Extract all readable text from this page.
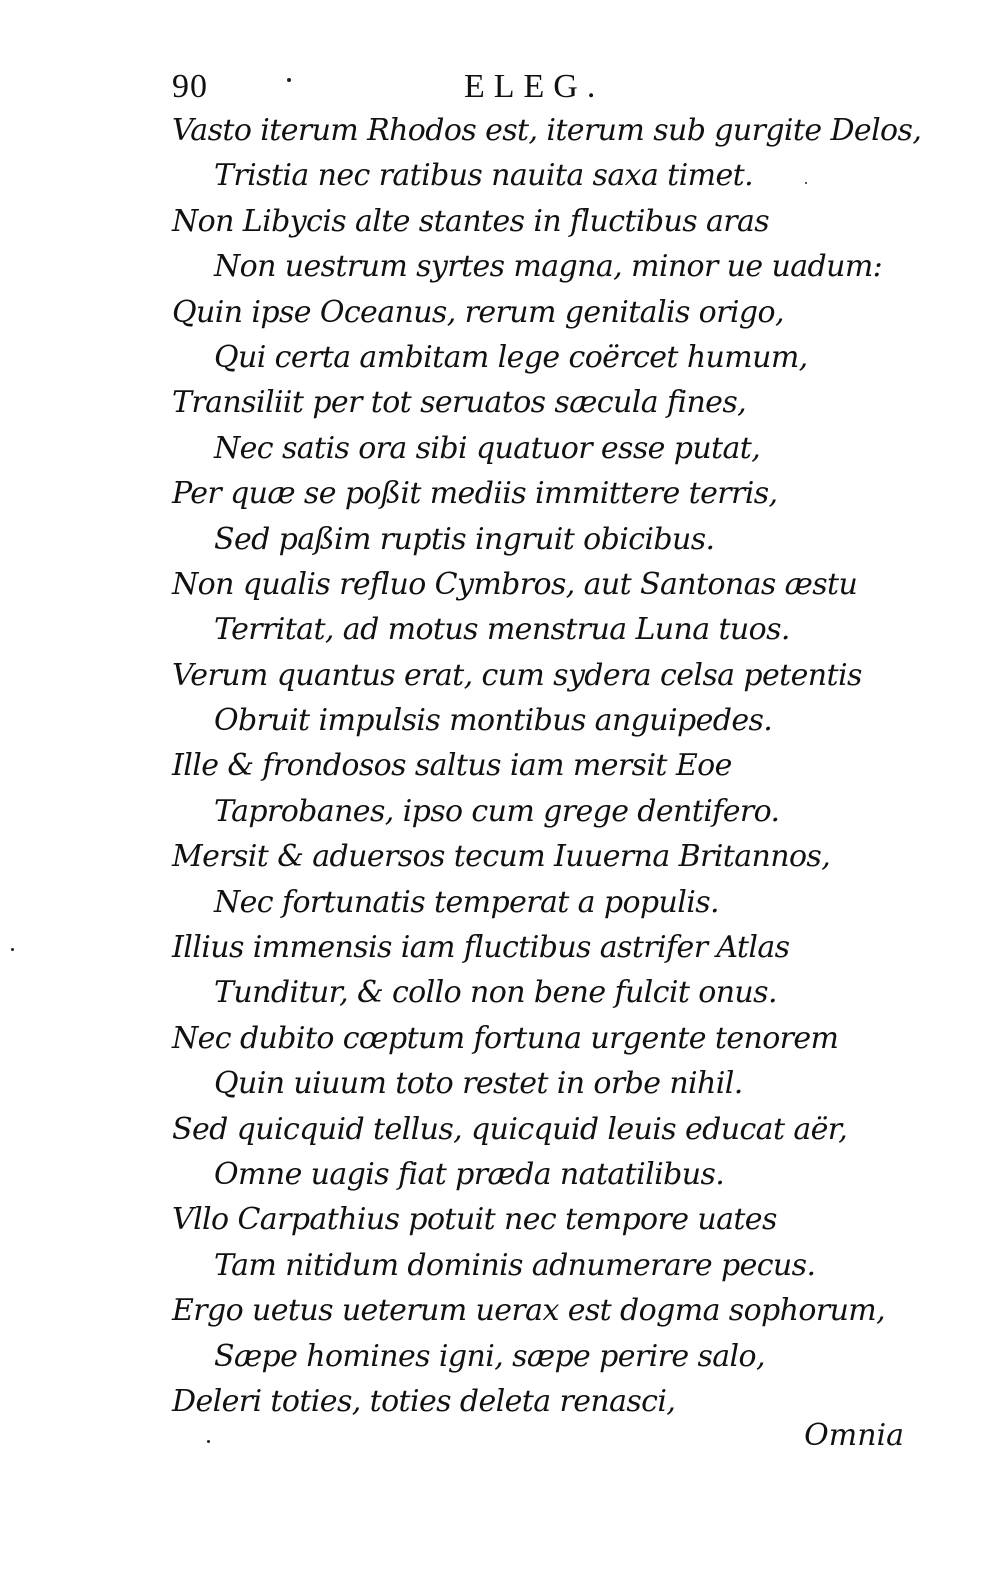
90	ELEG.
Vasto iterum Rhodos est, iterum sub gurgite Delos,
Tristia nec ratibus nauita saxa timet.
Non Libycis alte stantes in fluctibus aras
Non uestrum syrtes magna, minor ue uadum:
Quin ipse Oceanus, rerum genitalis origo,
Qui certa ambitam lege coërcet humum,
Transiliit per tot seruatos sæcula fines,
Nec satis ora sibi quatuor esse putat,
Per quæ se poßit mediis immittere terris,
Sed paßim ruptis ingruit obicibus.
Non qualis refluo Cymbros, aut Santonas æstu
Territat, ad motus menstrua Luna tuos.
Verum quantus erat, cum sydera celsa petentis
Obruit impulsis montibus anguipedes.
Ille & frondosos saltus iam mersit Eoe
Taprobanes, ipso cum grege dentifero.
Mersit & aduersos tecum Iuuerna Britannos,
Nec fortunatis temperat a populis.
Illius immensis iam fluctibus astrifer Atlas
Tunditur, & collo non bene fulcit onus.
Nec dubito cœptum fortuna urgente tenorem
Quin uiuum toto restet in orbe nihil.
Sed quicquid tellus, quicquid leuis educat aër,
Omne uagis fiat præda natatilibus.
Vllo Carpathius potuit nec tempore uates
Tam nitidum dominis adnumerare pecus.
Ergo uetus ueterum uerax est dogma sophorum,
Sæpe homines igni, sæpe perire salo,
Deleri toties, toties deleta renasci,
Omnia
